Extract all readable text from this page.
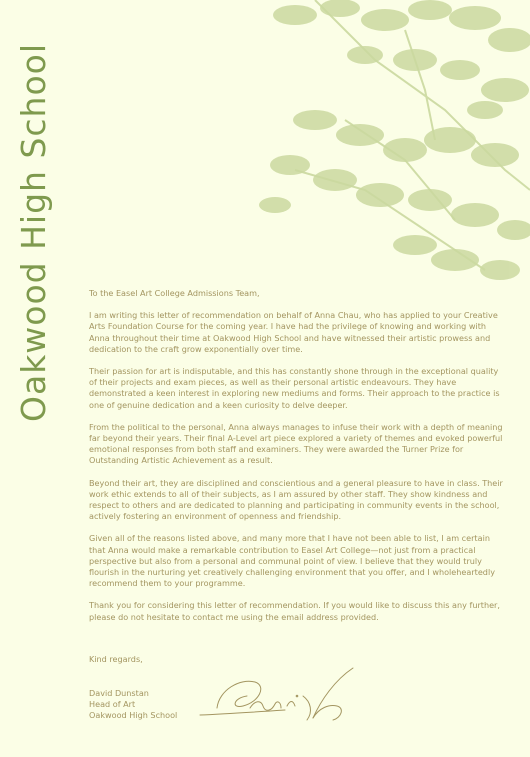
Oakwood High School	To the Easel Art College Admissions Team,

I am writing this letter of recommendation on behalf of Anna Chau, who has applied to your Creative Arts Foundation Course for the coming year. I have had the privilege of knowing and working with Anna throughout their time at Oakwood High School and have witnessed their artistic prowess and dedication to the craft grow exponentially over time.

Their passion for art is indisputable, and this has constantly shone through in the exceptional quality of their projects and exam pieces, as well as their personal artistic endeavours. They have demonstrated a keen interest in exploring new mediums and forms. Their approach to the practice is one of genuine dedication and a keen curiosity to delve deeper.

From the political to the personal, Anna always manages to infuse their work with a depth of meaning far beyond their years. Their final A-Level art piece explored a variety of themes and evoked powerful emotional responses from both staff and examiners. They were awarded the Turner Prize for Outstanding Artistic Achievement as a result.

Beyond their art, they are disciplined and conscientious and a general pleasure to have in class. Their work ethic extends to all of their subjects, as I am assured by other staff. They show kindness and respect to others and are dedicated to planning and participating in community events in the school, actively fostering an environment of openness and friendship.

Given all of the reasons listed above, and many more that I have not been able to list, I am certain that Anna would make a remarkable contribution to Easel Art College—not just from a practical perspective but also from a personal and communal point of view. I believe that they would truly flourish in the nurturing yet creatively challenging environment that you offer, and I wholeheartedly recommend them to your programme.

Thank you for considering this letter of recommendation. If you would like to discuss this any further, please do not hesitate to contact me using the email address provided.

Kind regards,
David Dunstan
Head of Art
Oakwood High School
